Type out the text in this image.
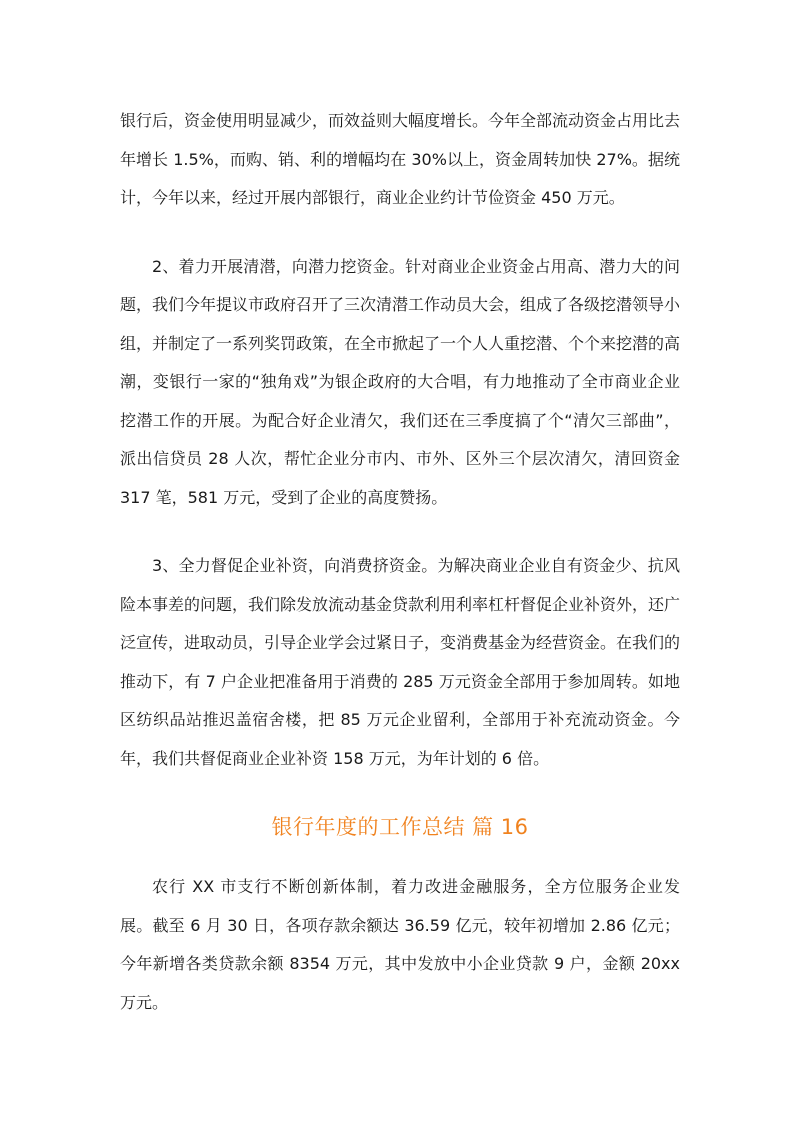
银行后，资金使用明显减少，而效益则大幅度增长。今年全部流动资金占用比去年增长 1.5%，而购、销、利的增幅均在 30%以上，资金周转加快 27%。据统计，今年以来，经过开展内部银行，商业企业约计节俭资金 450 万元。

2、着力开展清潜，向潜力挖资金。针对商业企业资金占用高、潜力大的问题，我们今年提议市政府召开了三次清潜工作动员大会，组成了各级挖潜领导小组，并制定了一系列奖罚政策，在全市掀起了一个人人重挖潜、个个来挖潜的高潮，变银行一家的“独角戏”为银企政府的大合唱，有力地推动了全市商业企业挖潜工作的开展。为配合好企业清欠，我们还在三季度搞了个“清欠三部曲”，派出信贷员 28 人次，帮忙企业分市内、市外、区外三个层次清欠，清回资金 317 笔，581 万元，受到了企业的高度赞扬。

3、全力督促企业补资，向消费挤资金。为解决商业企业自有资金少、抗风险本事差的问题，我们除发放流动基金贷款利用利率杠杆督促企业补资外，还广泛宣传，进取动员，引导企业学会过紧日子，变消费基金为经营资金。在我们的推动下，有 7 户企业把准备用于消费的 285 万元资金全部用于参加周转。如地区纺织品站推迟盖宿舍楼，把 85 万元企业留利，全部用于补充流动资金。今年，我们共督促商业企业补资 158 万元，为年计划的 6 倍。

银行年度的工作总结 篇 16

农行 XX 市支行不断创新体制，着力改进金融服务，全方位服务企业发展。截至 6 月 30 日，各项存款余额达 36.59 亿元，较年初增加 2.86 亿元；今年新增各类贷款余额 8354 万元，其中发放中小企业贷款 9 户，金额 20xx 万元。
